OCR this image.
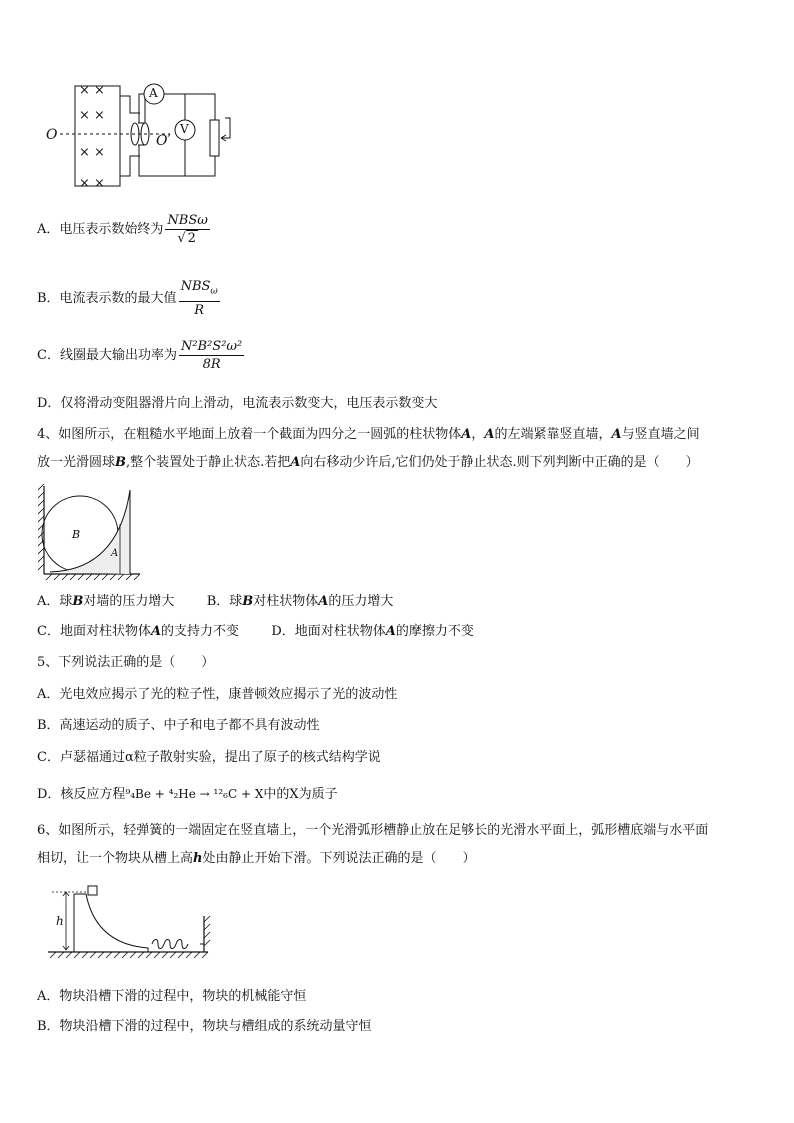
O	O′
A
V
× ×
× ×
× ×
× ×
A．电压表示数始终为 $\frac{\text{NBSω}}{√ 2}$
B．电流表示数的最大值 $\frac{NBS_\omega}{R}$
C．线圈最大输出功率为 $\frac{\text{N²B²S²ω²}}{8R}$
D．仅将滑动变阻器滑片向上滑动，电流表示数变大，电压表示数变大
4、如图所示，在粗糙水平地面上放着一个截面为四分之一圆弧的柱状物体A，A的左端紧靠竖直墙，A与竖直墙之间
放一光滑圆球B,整个装置处于静止状态.若把A向右移动少许后,它们仍处于静止状态.则下列判断中正确的是（　　）
B
A
A．球B对墙的压力增大 B．球B对柱状物体A的压力增大
C．地面对柱状物体A的支持力不变 D．地面对柱状物体A的摩擦力不变
5、下列说法正确的是（　　）
A．光电效应揭示了光的粒子性，康普顿效应揭示了光的波动性
B．高速运动的质子、中子和电子都不具有波动性
C．卢瑟福通过α粒子散射实验，提出了原子的核式结构学说
D．核反应方程⁹₄Be + ⁴₂He → ¹²₆C + X中的X为质子
6、如图所示，轻弹簧的一端固定在竖直墙上，一个光滑弧形槽静止放在足够长的光滑水平面上，弧形槽底端与水平面
相切，让一个物块从槽上高h处由静止开始下滑。下列说法正确的是（　　）
h
A．物块沿槽下滑的过程中，物块的机械能守恒
B．物块沿槽下滑的过程中，物块与槽组成的系统动量守恒
